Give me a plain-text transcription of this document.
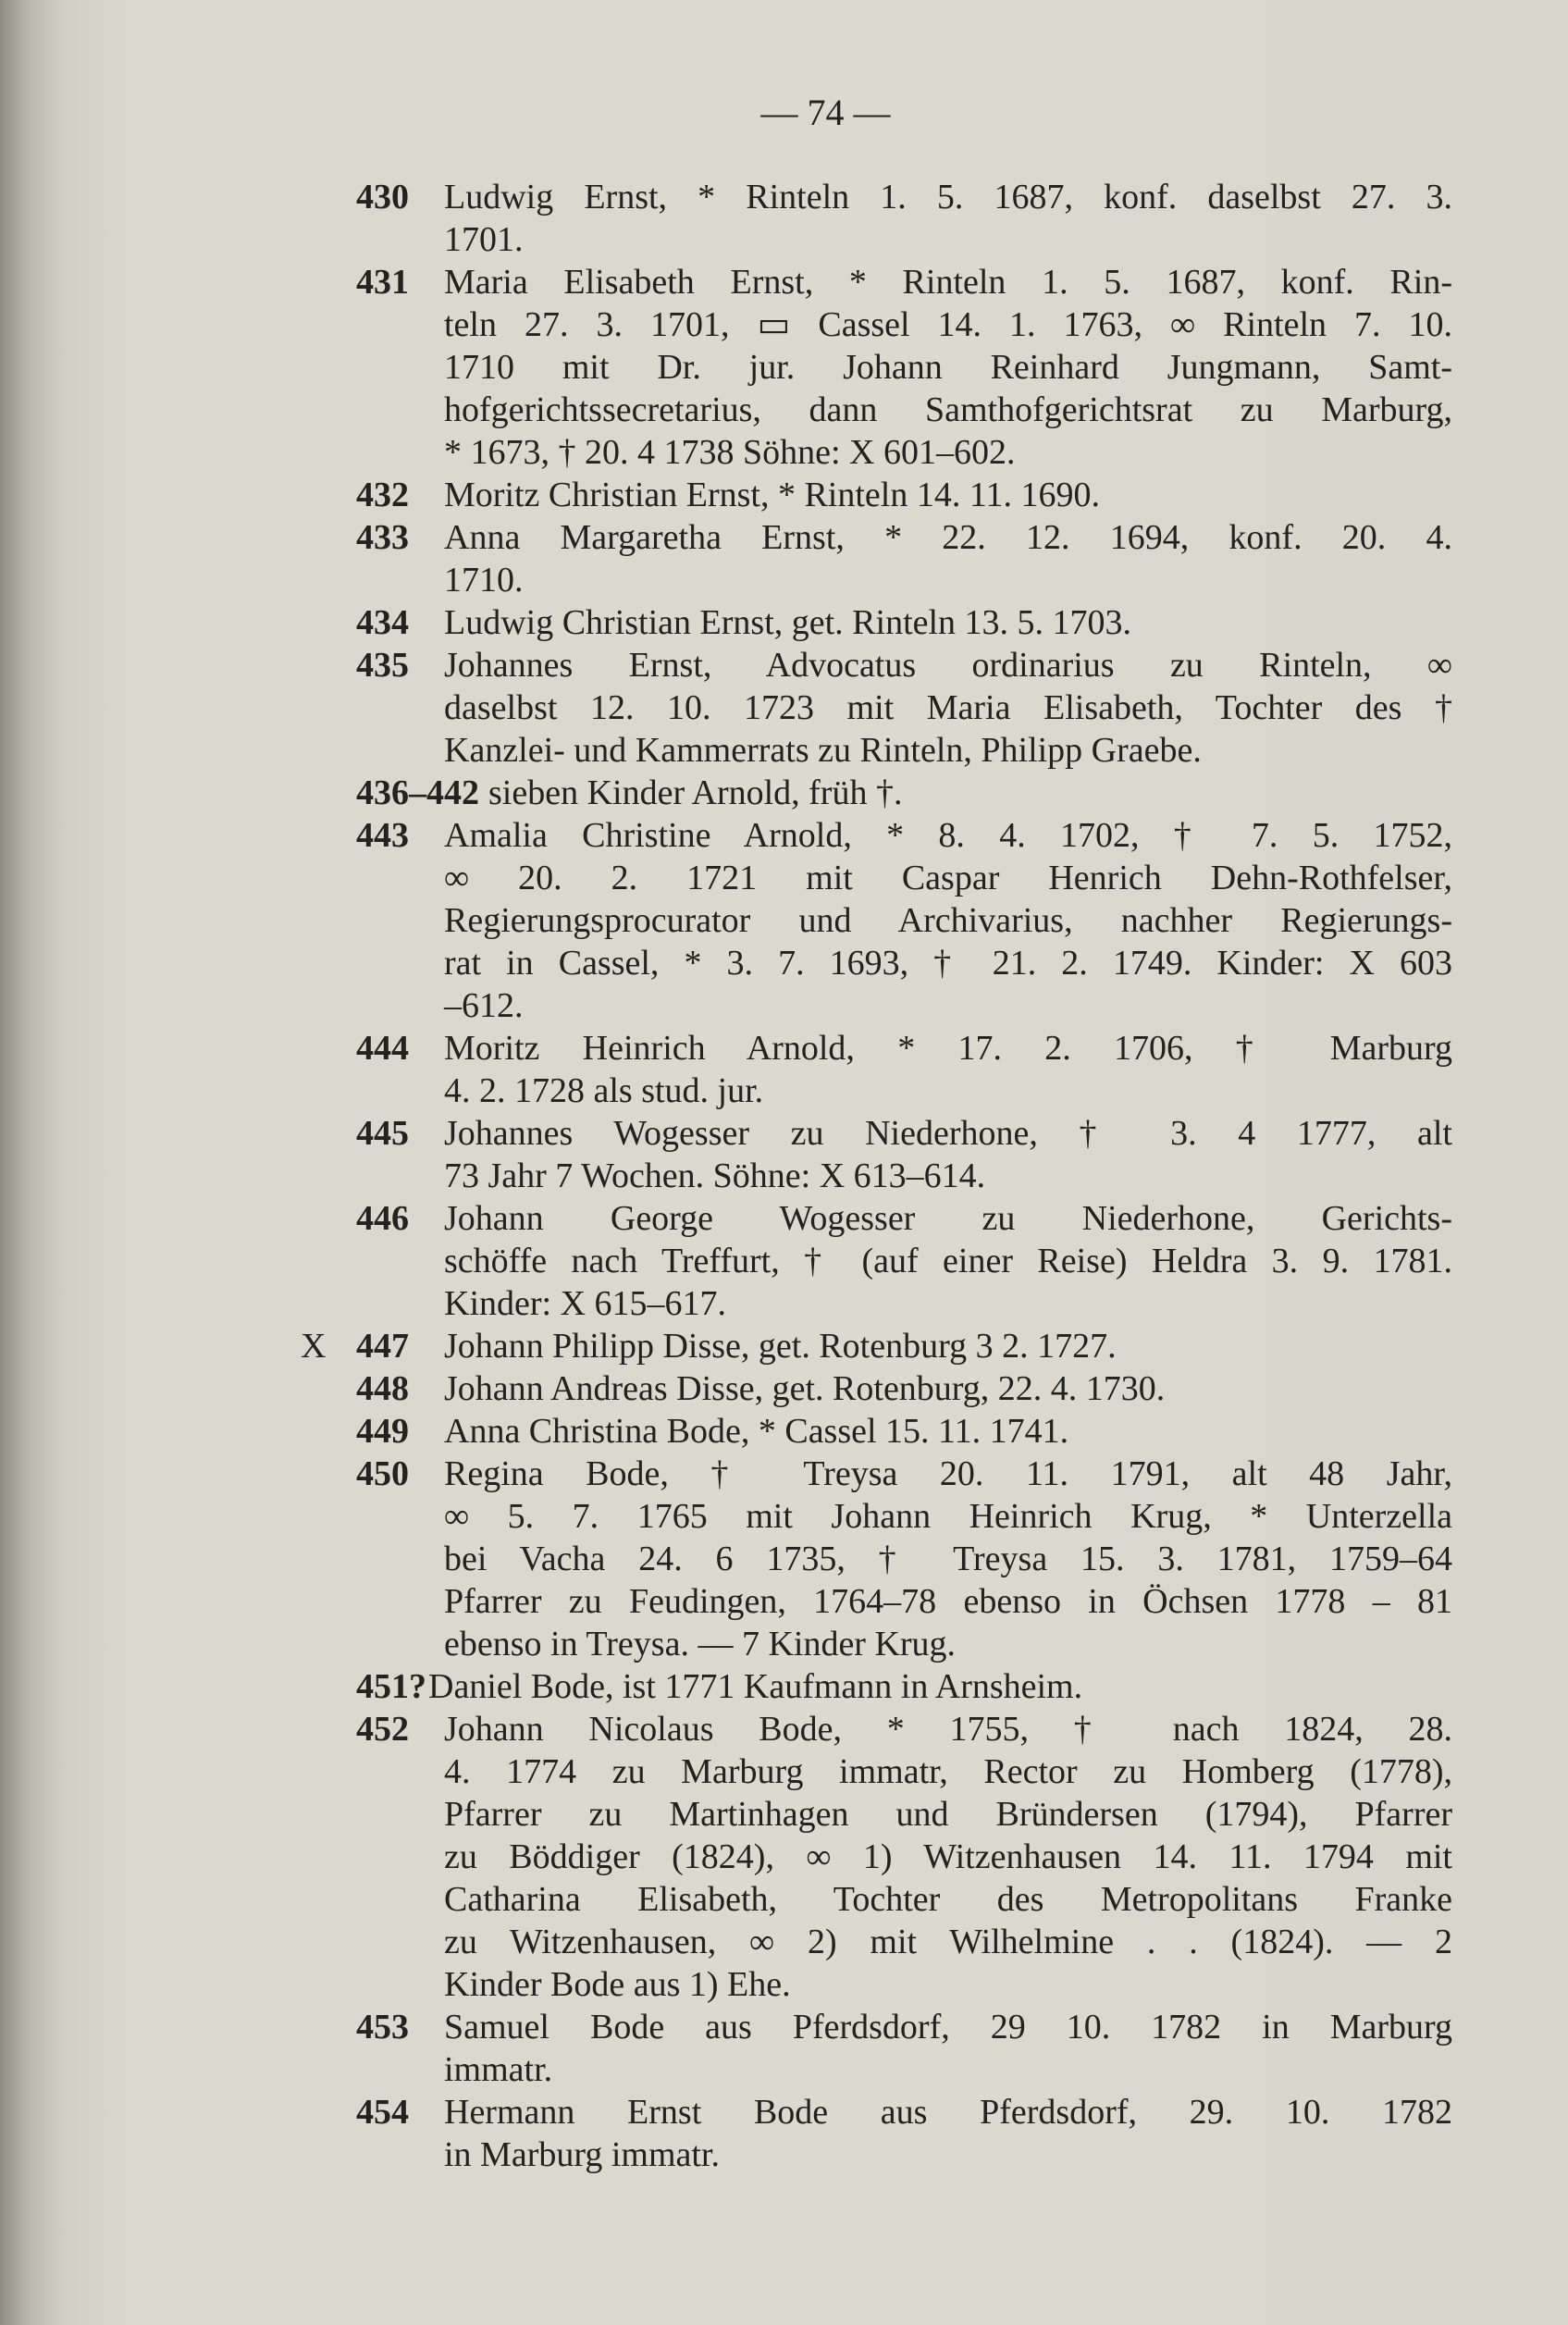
— 74 —
430	Ludwig Ernst, * Rinteln 1. 5. 1687, konf. daselbst 27. 3.
1701.
431	Maria Elisabeth Ernst, * Rinteln 1. 5. 1687, konf. Rin-
teln 27. 3. 1701, ▭ Cassel 14. 1. 1763, ∞ Rinteln 7. 10.
1710 mit Dr. jur. Johann Reinhard Jungmann, Samt-
hofgerichtssecretarius, dann Samthofgerichtsrat zu Marburg,
* 1673, † 20. 4 1738 Söhne: X 601–602.
432	Moritz Christian Ernst, * Rinteln 14. 11. 1690.
433	Anna Margaretha Ernst, * 22. 12. 1694, konf. 20. 4.
1710.
434	Ludwig Christian Ernst, get. Rinteln 13. 5. 1703.
435	Johannes Ernst, Advocatus ordinarius zu Rinteln, ∞
daselbst 12. 10. 1723 mit Maria Elisabeth, Tochter des †
Kanzlei- und Kammerrats zu Rinteln, Philipp Graebe.
436–442 sieben Kinder Arnold, früh †.
443	Amalia Christine Arnold, * 8. 4. 1702, † 7. 5. 1752,
∞ 20. 2. 1721 mit Caspar Henrich Dehn-Rothfelser,
Regierungsprocurator und Archivarius, nachher Regierungs-
rat in Cassel, * 3. 7. 1693, † 21. 2. 1749. Kinder: X 603
–612.
444	Moritz Heinrich Arnold, * 17. 2. 1706, † Marburg
4. 2. 1728 als stud. jur.
445	Johannes Wogesser zu Niederhone, † 3. 4 1777, alt
73 Jahr 7 Wochen. Söhne: X 613–614.
446	Johann George Wogesser zu Niederhone, Gerichts-
schöffe nach Treffurt, † (auf einer Reise) Heldra 3. 9. 1781.
Kinder: X 615–617.
X 447	Johann Philipp Disse, get. Rotenburg 3 2. 1727.
448	Johann Andreas Disse, get. Rotenburg, 22. 4. 1730.
449	Anna Christina Bode, * Cassel 15. 11. 1741.
450	Regina Bode, † Treysa 20. 11. 1791, alt 48 Jahr,
∞ 5. 7. 1765 mit Johann Heinrich Krug, * Unterzella
bei Vacha 24. 6 1735, † Treysa 15. 3. 1781, 1759–64
Pfarrer zu Feudingen, 1764–78 ebenso in Öchsen 1778 – 81
ebenso in Treysa. — 7 Kinder Krug.
451? Daniel Bode, ist 1771 Kaufmann in Arnsheim.
452	Johann Nicolaus Bode, * 1755, † nach 1824, 28.
4. 1774 zu Marburg immatr, Rector zu Homberg (1778),
Pfarrer zu Martinhagen und Bründersen (1794), Pfarrer
zu Böddiger (1824), ∞ 1) Witzenhausen 14. 11. 1794 mit
Catharina Elisabeth, Tochter des Metropolitans Franke
zu Witzenhausen, ∞ 2) mit Wilhelmine . . (1824). — 2
Kinder Bode aus 1) Ehe.
453	Samuel Bode aus Pferdsdorf, 29 10. 1782 in Marburg
immatr.
454	Hermann Ernst Bode aus Pferdsdorf, 29. 10. 1782
in Marburg immatr.
